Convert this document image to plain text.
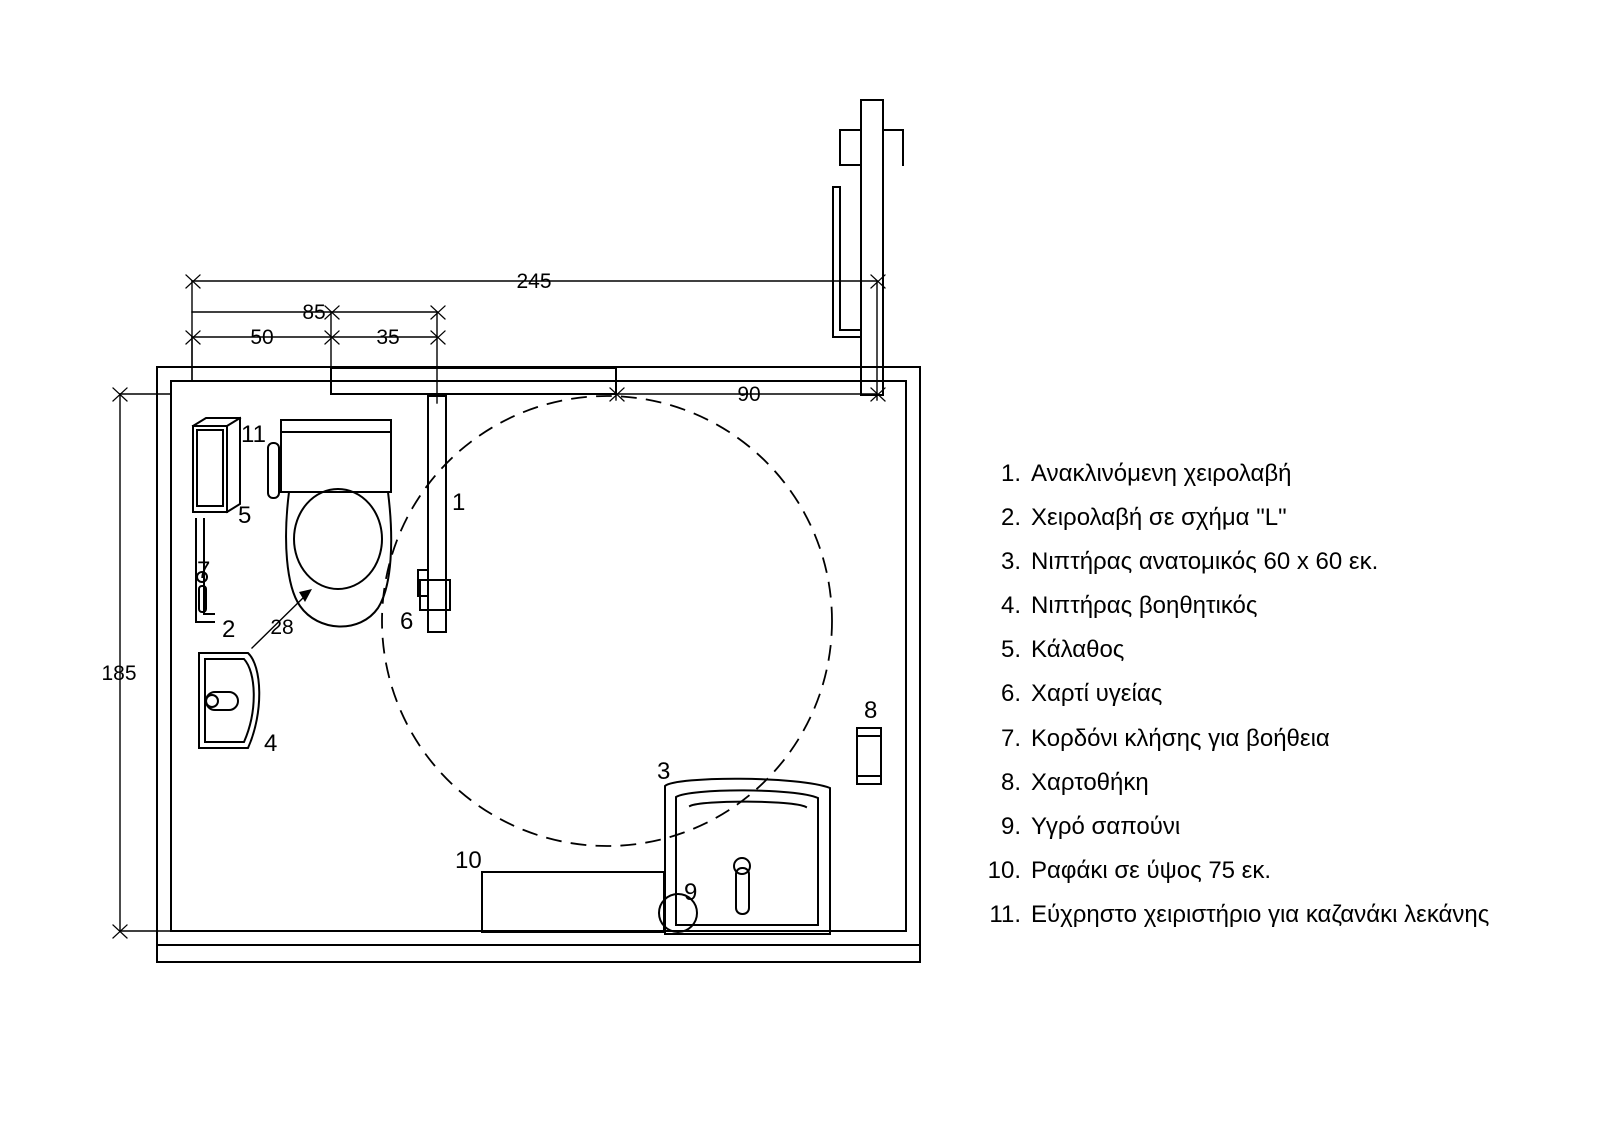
245
85
50	35
90
185
28
1
2
3
4
5
6
7
8
9
10
11
1. Ανακλινόμενη χειρολαβή
2. Χειρολαβή σε σχήμα "L"
3. Νιπτήρας ανατομικός 60 x 60 εκ.
4. Νιπτήρας βοηθητικός
5. Κάλαθος
6. Χαρτί υγείας
7. Κορδόνι κλήσης για βοήθεια
8. Χαρτοθήκη
9. Υγρό σαπούνι
10. Ραφάκι σε ύψος 75 εκ.
11. Εύχρηστο χειριστήριο για καζανάκι λεκάνης
